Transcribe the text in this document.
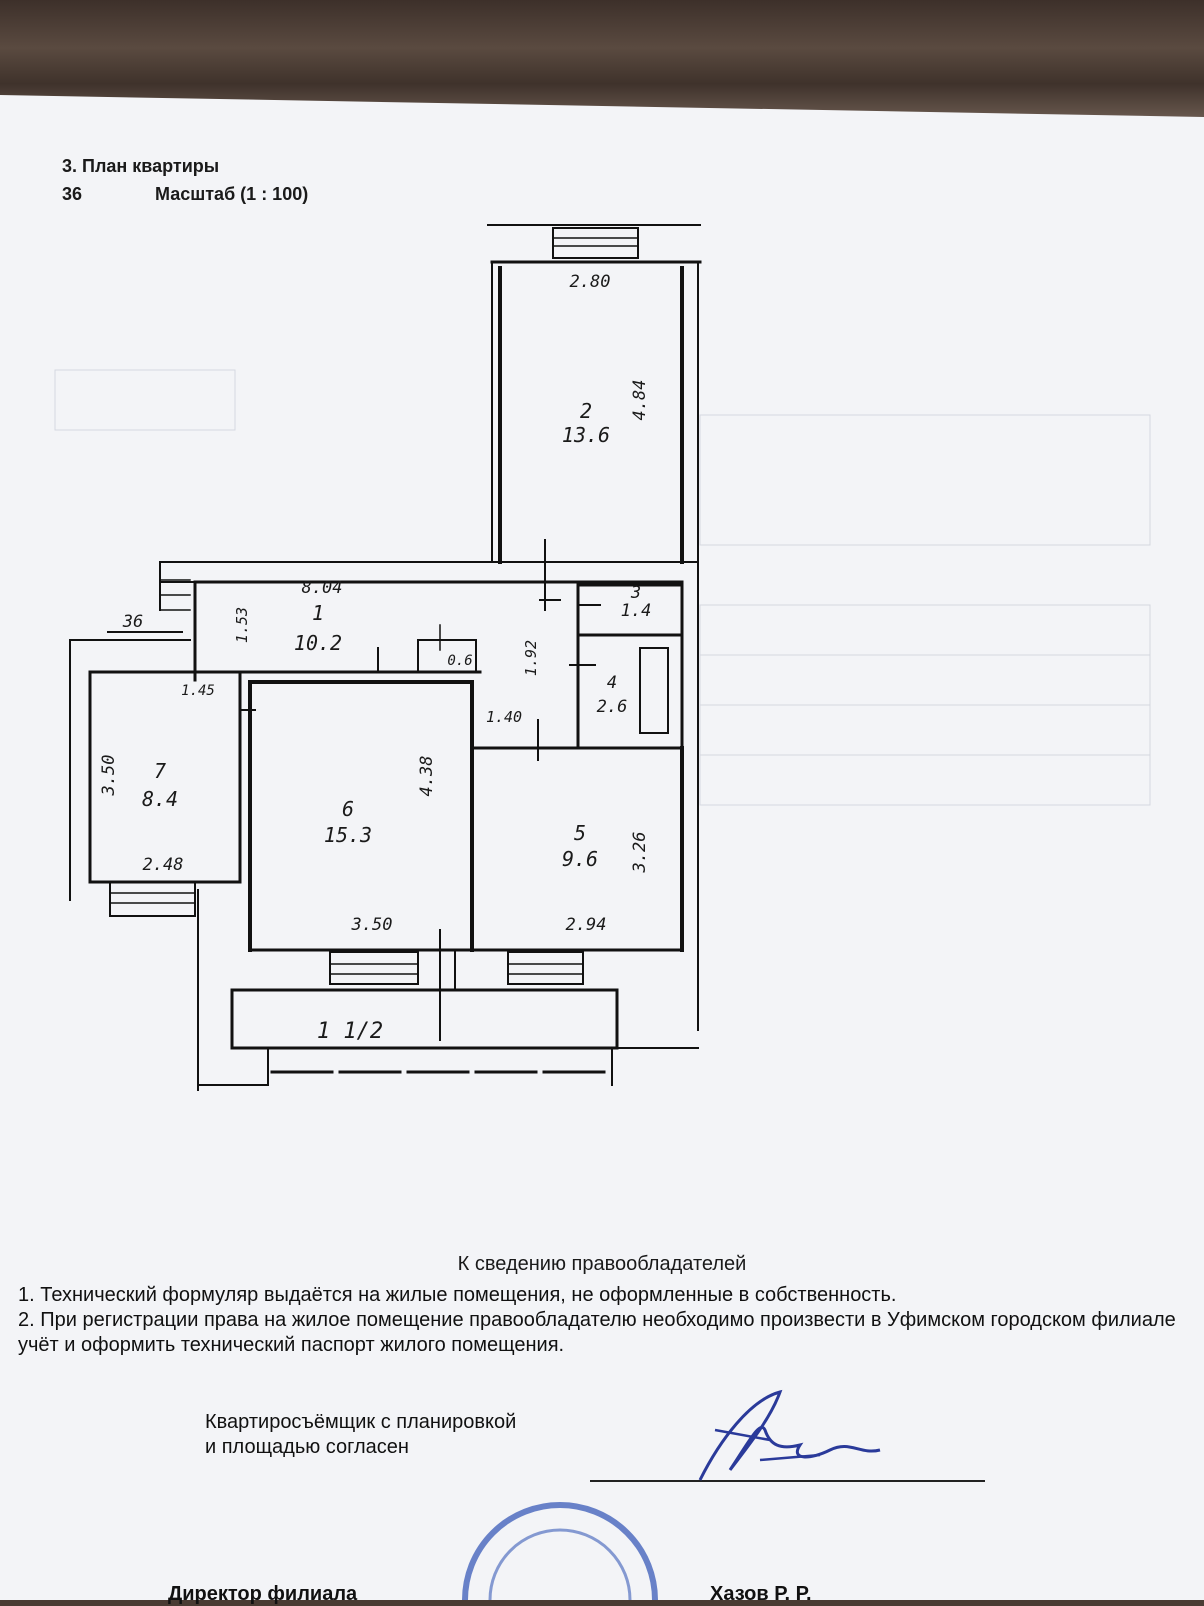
3. План квартиры
36	Масштаб (1 : 100)
2
13.6
1
10.2
3
1.4
4
2.6
5
9.6
6
15.3
7
8.4
2.80
4.84
8.04
1.53
36
0.6	1.92
1.40
1.45
3.50
2.48
4.38
3.50
3.26
2.94
1 1/2
К сведению правообладателей
1. Технический формуляр выдаётся на жилые помещения, не оформленные в собственность.
2. При регистрации права на жилое помещение правообладателю необходимо произвести в Уфимском городском филиале учёт и оформить технический паспорт жилого помещения.
Квартиросъёмщик с планировкой
и площадью согласен
Директор филиала	Хазов Р. Р.
